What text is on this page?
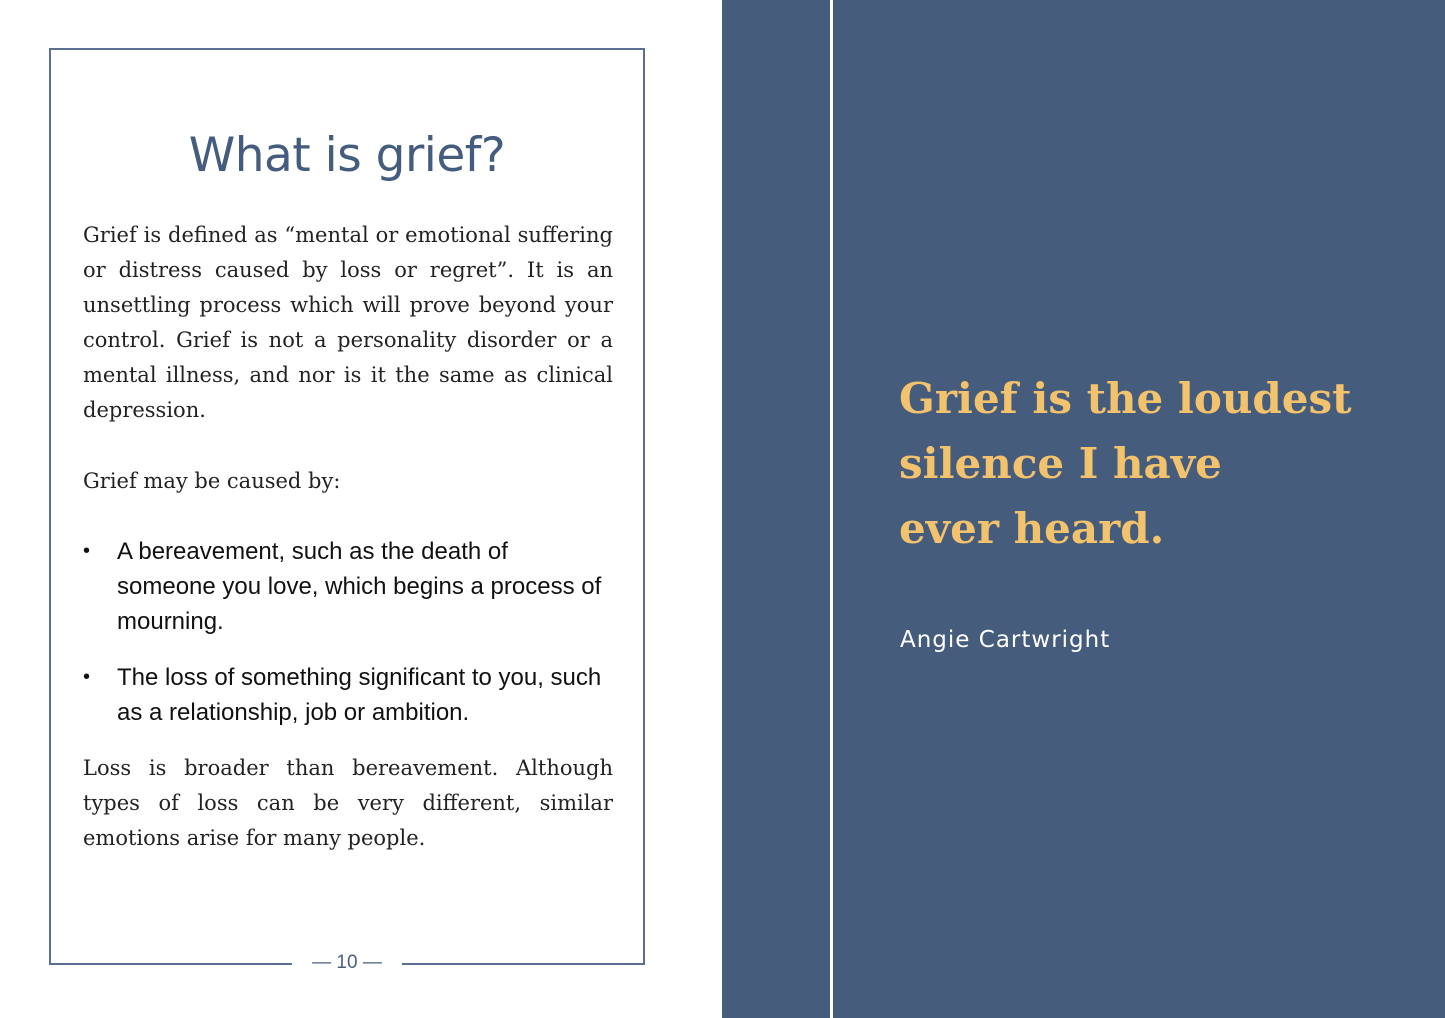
What is grief?

Grief is defined as “mental or emotional suffering or distress caused by loss or regret”. It is an unsettling process which will prove beyond your control. Grief is not a personality disorder or a mental illness, and nor is it the same as clinical depression.

Grief may be caused by:

• A bereavement, such as the death of someone you love, which begins a process of mourning.
• The loss of something significant to you, such as a relationship, job or ambition.

Loss is broader than bereavement. Although types of loss can be very different, similar emotions arise for many people.

— 10 —
Grief is the loudest
silence I have
ever heard.

Angie Cartwright
